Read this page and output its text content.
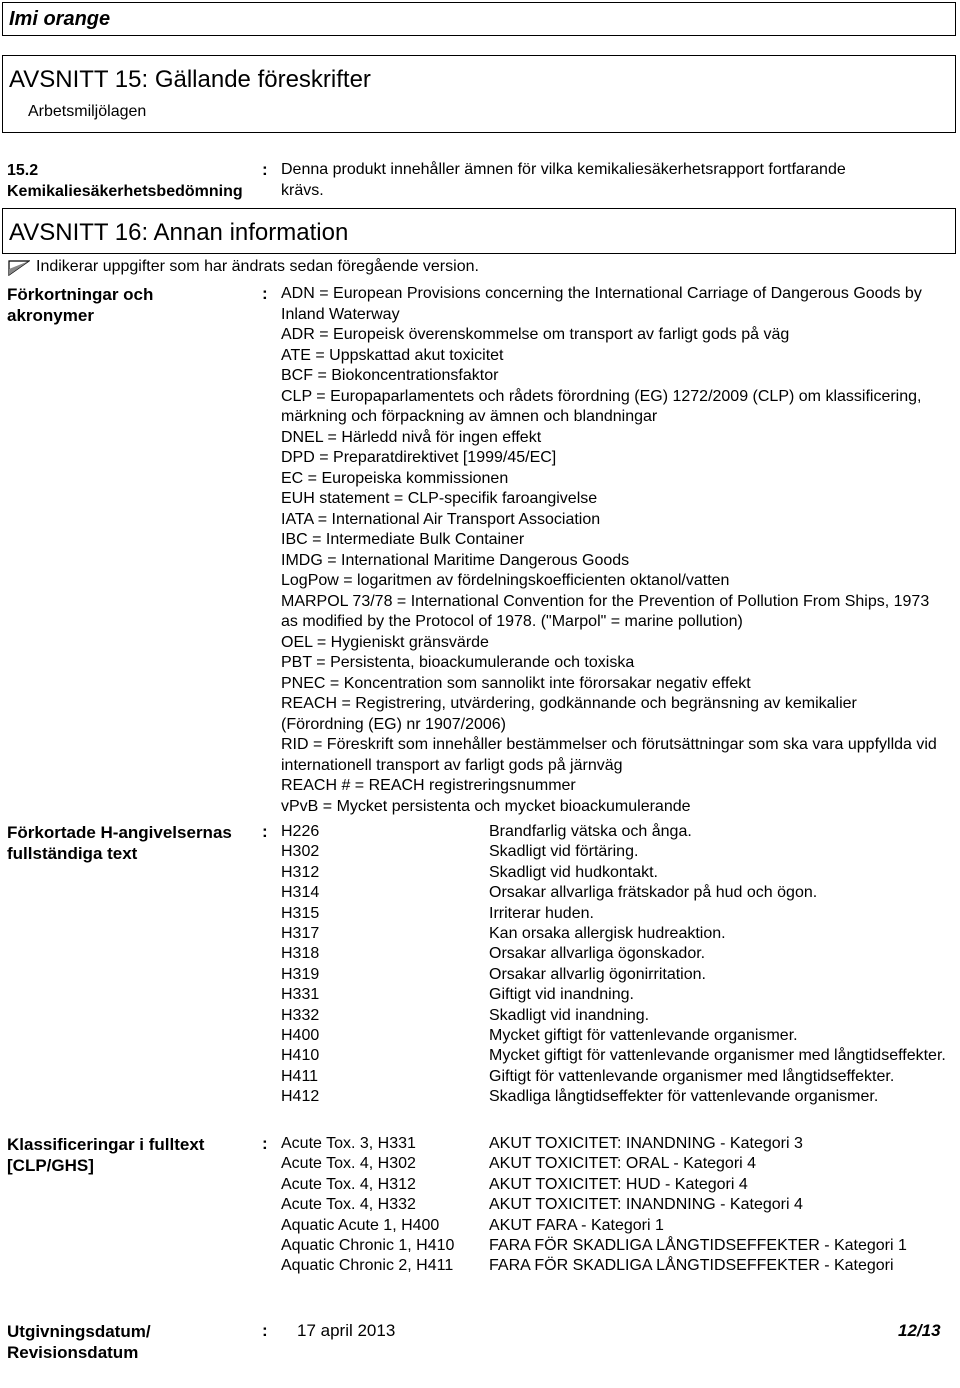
Imi orange
AVSNITT 15: Gällande föreskrifter
Arbetsmiljölagen
15.2
Kemikaliesäkerhetsbedömning
: Denna produkt innehåller ämnen för vilka kemikaliesäkerhetsrapport fortfarande
krävs.
AVSNITT 16: Annan information
Indikerar uppgifter som har ändrats sedan föregående version.
Förkortningar och
akronymer
: ADN = European Provisions concerning the International Carriage of Dangerous Goods by Inland Waterway
ADR = Europeisk överenskommelse om transport av farligt gods på väg
ATE = Uppskattad akut toxicitet
BCF = Biokoncentrationsfaktor
CLP = Europaparlamentets och rådets förordning (EG) 1272/2009 (CLP) om klassificering, märkning och förpackning av ämnen och blandningar
DNEL = Härledd nivå för ingen effekt
DPD = Preparatdirektivet [1999/45/EC]
EC = Europeiska kommissionen
EUH statement = CLP-specifik faroangivelse
IATA = International Air Transport Association
IBC = Intermediate Bulk Container
IMDG = International Maritime Dangerous Goods
LogPow = logaritmen av fördelningskoefficienten oktanol/vatten
MARPOL 73/78 = International Convention for the Prevention of Pollution From Ships, 1973 as modified by the Protocol of 1978. ("Marpol" = marine pollution)
OEL = Hygieniskt gränsvärde
PBT = Persistenta, bioackumulerande och toxiska
PNEC = Koncentration som sannolikt inte förorsakar negativ effekt
REACH = Registrering, utvärdering, godkännande och begränsning av kemikalier (Förordning (EG) nr 1907/2006)
RID = Föreskrift som innehåller bestämmelser och förutsättningar som ska vara uppfyllda vid internationell transport av farligt gods på järnväg
REACH # = REACH registreringsnummer
vPvB = Mycket persistenta och mycket bioackumulerande
Förkortade H-angivelsernas
fullständiga text
: H226	Brandfarlig vätska och ånga.
H302	Skadligt vid förtäring.
H312	Skadligt vid hudkontakt.
H314	Orsakar allvarliga frätskador på hud och ögon.
H315	Irriterar huden.
H317	Kan orsaka allergisk hudreaktion.
H318	Orsakar allvarliga ögonskador.
H319	Orsakar allvarlig ögonirritation.
H331	Giftigt vid inandning.
H332	Skadligt vid inandning.
H400	Mycket giftigt för vattenlevande organismer.
H410	Mycket giftigt för vattenlevande organismer med långtidseffekter.
H411	Giftigt för vattenlevande organismer med långtidseffekter.
H412	Skadliga långtidseffekter för vattenlevande organismer.
Klassificeringar i fulltext
[CLP/GHS]
: Acute Tox. 3, H331	AKUT TOXICITET: INANDNING - Kategori 3
Acute Tox. 4, H302	AKUT TOXICITET: ORAL - Kategori 4
Acute Tox. 4, H312	AKUT TOXICITET: HUD - Kategori 4
Acute Tox. 4, H332	AKUT TOXICITET: INANDNING - Kategori 4
Aquatic Acute 1, H400	AKUT FARA - Kategori 1
Aquatic Chronic 1, H410	FARA FÖR SKADLIGA LÅNGTIDSEFFEKTER - Kategori 1
Aquatic Chronic 2, H411	FARA FÖR SKADLIGA LÅNGTIDSEFFEKTER - Kategori
Utgivningsdatum/
Revisionsdatum
: 17 april 2013	12/13
